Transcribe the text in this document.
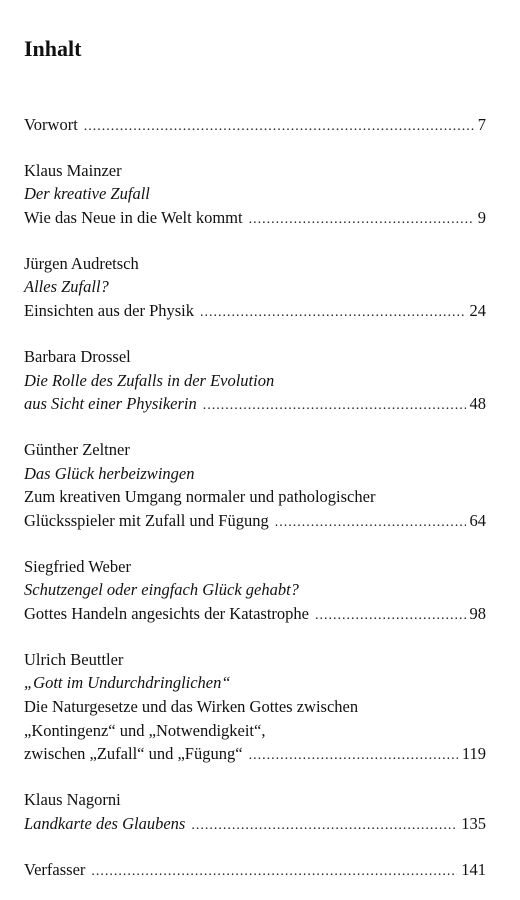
Inhalt
Vorwort .....	7
Klaus Mainzer
Der kreative Zufall
Wie das Neue in die Welt kommt .....	9
Jürgen Audretsch
Alles Zufall?
Einsichten aus der Physik .....	24
Barbara Drossel
Die Rolle des Zufalls in der Evolution
aus Sicht einer Physikerin .....	48
Günther Zeltner
Das Glück herbeizwingen
Zum kreativen Umgang normaler und pathologischer
Glücksspieler mit Zufall und Fügung .....	64
Siegfried Weber
Schutzengel oder eingfach Glück gehabt?
Gottes Handeln angesichts der Katastrophe .....	98
Ulrich Beuttler
„Gott im Undurchdringlichen“
Die Naturgesetze und das Wirken Gottes zwischen
„Kontingenz“ und „Notwendigkeit“,
zwischen „Zufall“ und „Fügung“ .....	119
Klaus Nagorni
Landkarte des Glaubens .....	135
Verfasser .....	141
